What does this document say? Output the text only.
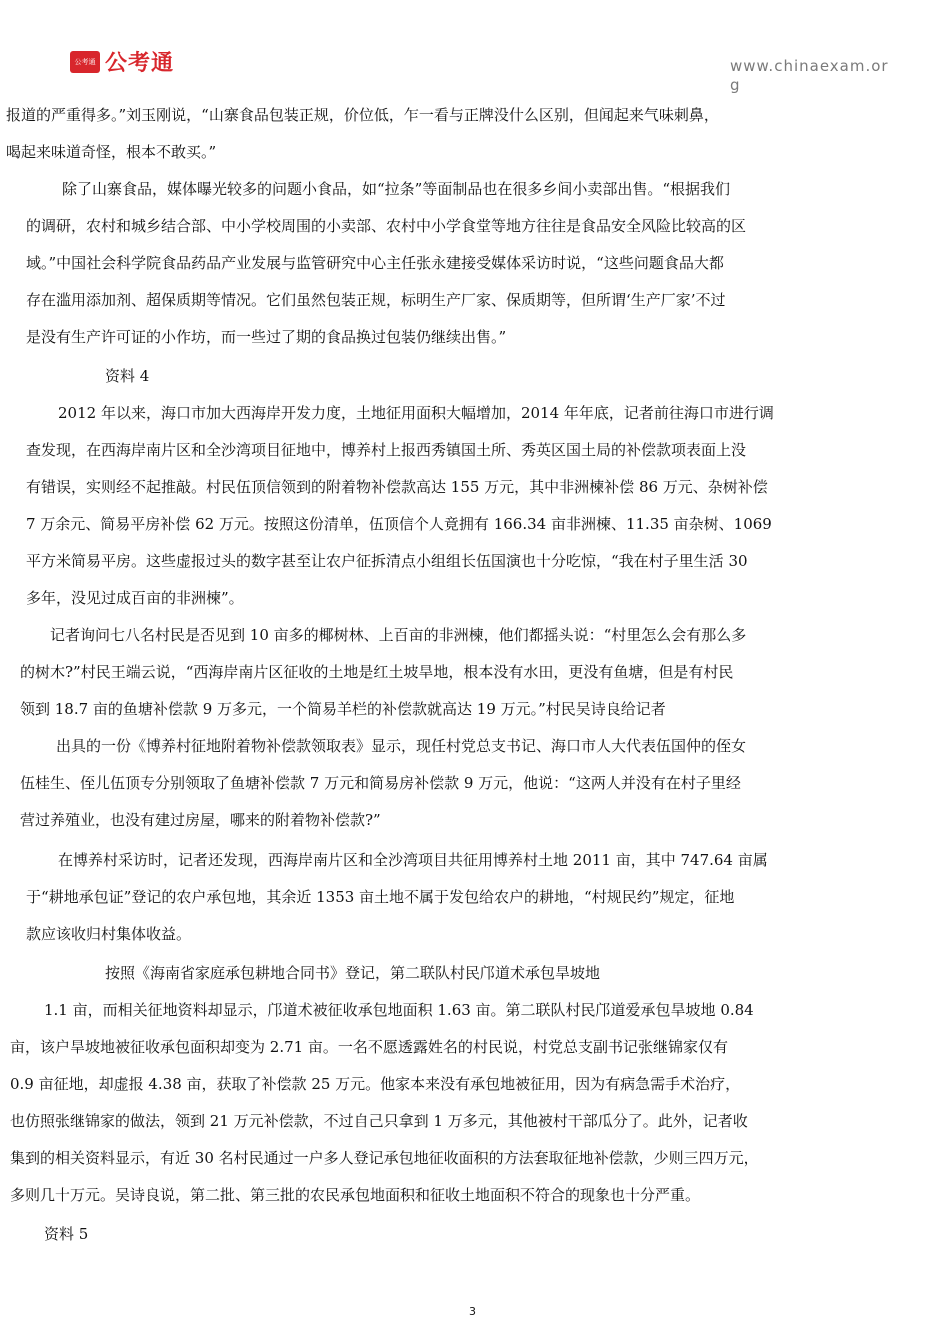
公考通 公考通	www.chinaexam.org
报道的严重得多。”刘玉刚说，“山寨食品包装正规，价位低，乍一看与正牌没什么区别，但闻起来气味刺鼻，
喝起来味道奇怪，根本不敢买。”
除了山寨食品，媒体曝光较多的问题小食品，如“拉条”等面制品也在很多乡间小卖部出售。“根据我们
的调研，农村和城乡结合部、中小学校周围的小卖部、农村中小学食堂等地方往往是食品安全风险比较高的区
域。”中国社会科学院食品药品产业发展与监管研究中心主任张永建接受媒体采访时说，“这些问题食品大都
存在滥用添加剂、超保质期等情况。它们虽然包装正规，标明生产厂家、保质期等，但所谓‘生产厂家’不过
是没有生产许可证的小作坊，而一些过了期的食品换过包装仍继续出售。”
资料 4
2012 年以来，海口市加大西海岸开发力度，土地征用面积大幅增加，2014 年年底，记者前往海口市进行调
查发现，在西海岸南片区和全沙湾项目征地中，博养村上报西秀镇国土所、秀英区国土局的补偿款项表面上没
有错误，实则经不起推敲。村民伍顶信领到的附着物补偿款高达 155 万元，其中非洲楝补偿 86 万元、杂树补偿
7 万余元、简易平房补偿 62 万元。按照这份清单，伍顶信个人竟拥有 166.34 亩非洲楝、11.35 亩杂树、1069
平方米简易平房。这些虚报过头的数字甚至让农户征拆清点小组组长伍国演也十分吃惊，“我在村子里生活 30
多年，没见过成百亩的非洲楝”。
记者询问七八名村民是否见到 10 亩多的椰树林、上百亩的非洲楝，他们都摇头说：“村里怎么会有那么多
的树木?”村民王端云说，“西海岸南片区征收的土地是红土坡旱地，根本没有水田，更没有鱼塘，但是有村民
领到 18.7 亩的鱼塘补偿款 9 万多元，一个简易羊栏的补偿款就高达 19 万元。”村民吴诗良给记者
出具的一份《博养村征地附着物补偿款领取表》显示，现任村党总支书记、海口市人大代表伍国仲的侄女
伍桂生、侄儿伍顶专分别领取了鱼塘补偿款 7 万元和简易房补偿款 9 万元，他说：“这两人并没有在村子里经
营过养殖业，也没有建过房屋，哪来的附着物补偿款?”
在博养村采访时，记者还发现，西海岸南片区和全沙湾项目共征用博养村土地 2011 亩，其中 747.64 亩属
于“耕地承包证”登记的农户承包地，其余近 1353 亩土地不属于发包给农户的耕地，“村规民约”规定，征地
款应该收归村集体收益。
按照《海南省家庭承包耕地合同书》登记，第二联队村民邝道术承包旱坡地
1.1 亩，而相关征地资料却显示，邝道术被征收承包地面积 1.63 亩。第二联队村民邝道爱承包旱坡地 0.84
亩，该户旱坡地被征收承包面积却变为 2.71 亩。一名不愿透露姓名的村民说，村党总支副书记张继锦家仅有
0.9 亩征地，却虚报 4.38 亩，获取了补偿款 25 万元。他家本来没有承包地被征用，因为有病急需手术治疗，
也仿照张继锦家的做法，领到 21 万元补偿款，不过自己只拿到 1 万多元，其他被村干部瓜分了。此外，记者收
集到的相关资料显示，有近 30 名村民通过一户多人登记承包地征收面积的方法套取征地补偿款，少则三四万元，
多则几十万元。吴诗良说，第二批、第三批的农民承包地面积和征收土地面积不符合的现象也十分严重。
资料 5
3
